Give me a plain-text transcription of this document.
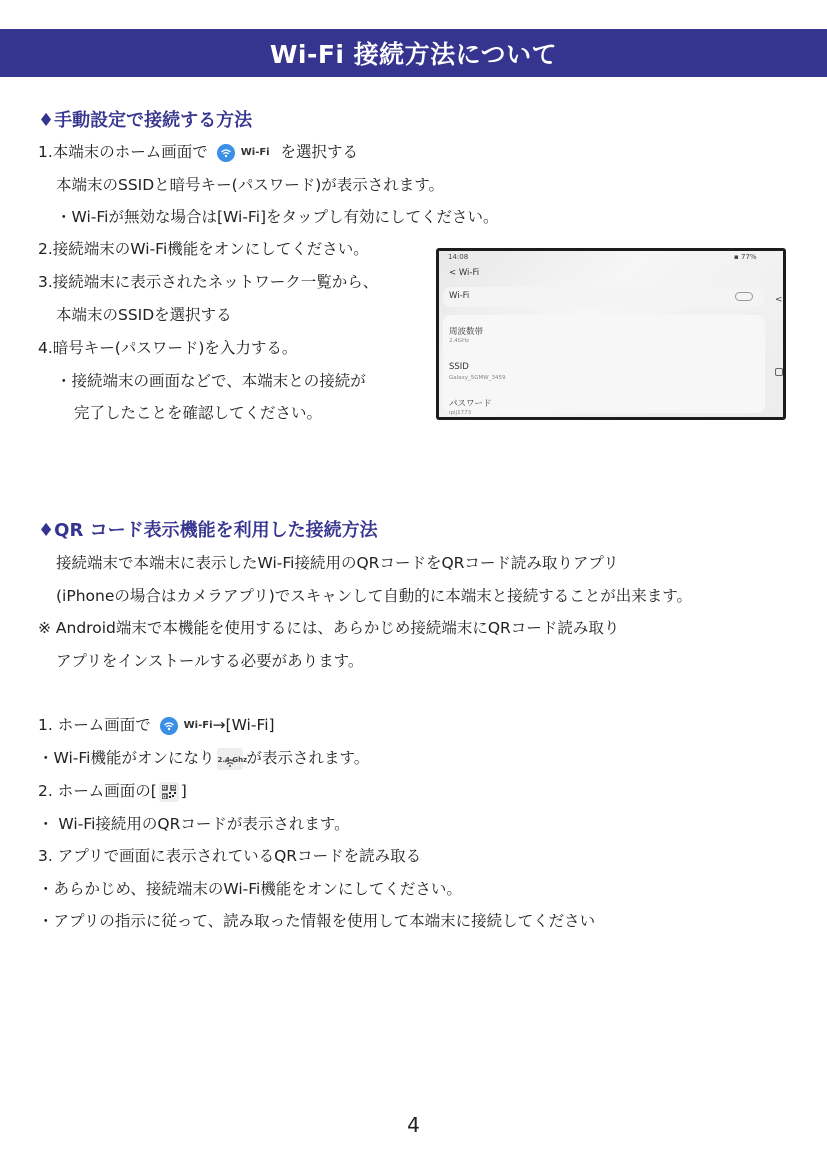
Wi-Fi 接続方法について
♦手動設定で接続する方法
1.本端末のホーム画面で	Wi-Fi を選択する
本端末のSSIDと暗号キー(パスワード)が表示されます。
・Wi-Fiが無効な場合は[Wi-Fi]をタップし有効にしてください。
2.接続端末のWi-Fi機能をオンにしてください。
3.接続端末に表示されたネットワーク一覧から、
本端末のSSIDを選択する
4.暗号キー(パスワード)を入力する。
・接続端末の画面などで、本端末との接続が
完了したことを確認してください。
14:08	▪ 77%
< Wi-Fi
Wi-Fi	<
周波数帯
2.4GHz
SSID
Galaxy_5GMW_3459
パスワード
ipij1773
♦QR コード表示機能を利用した接続方法
接続端末で本端末に表示したWi-Fi接続用のQRコードをQRコード読み取りアプリ
(iPhoneの場合はカメラアプリ)でスキャンして自動的に本端末と接続することが出来ます。
※ Android端末で本機能を使用するには、あらかじめ接続端末にQRコード読み取り
アプリをインストールする必要があります。
1. ホーム画面で	Wi-Fi→[Wi-Fi]
・Wi-Fi機能がオンになり 2.4 Ghz が表示されます。
2. ホーム画面の[ ]
・ Wi-Fi接続用のQRコードが表示されます。
3. アプリで画面に表示されているQRコードを読み取る
・あらかじめ、接続端末のWi-Fi機能をオンにしてください。
・アプリの指示に従って、読み取った情報を使用して本端末に接続してください
4
